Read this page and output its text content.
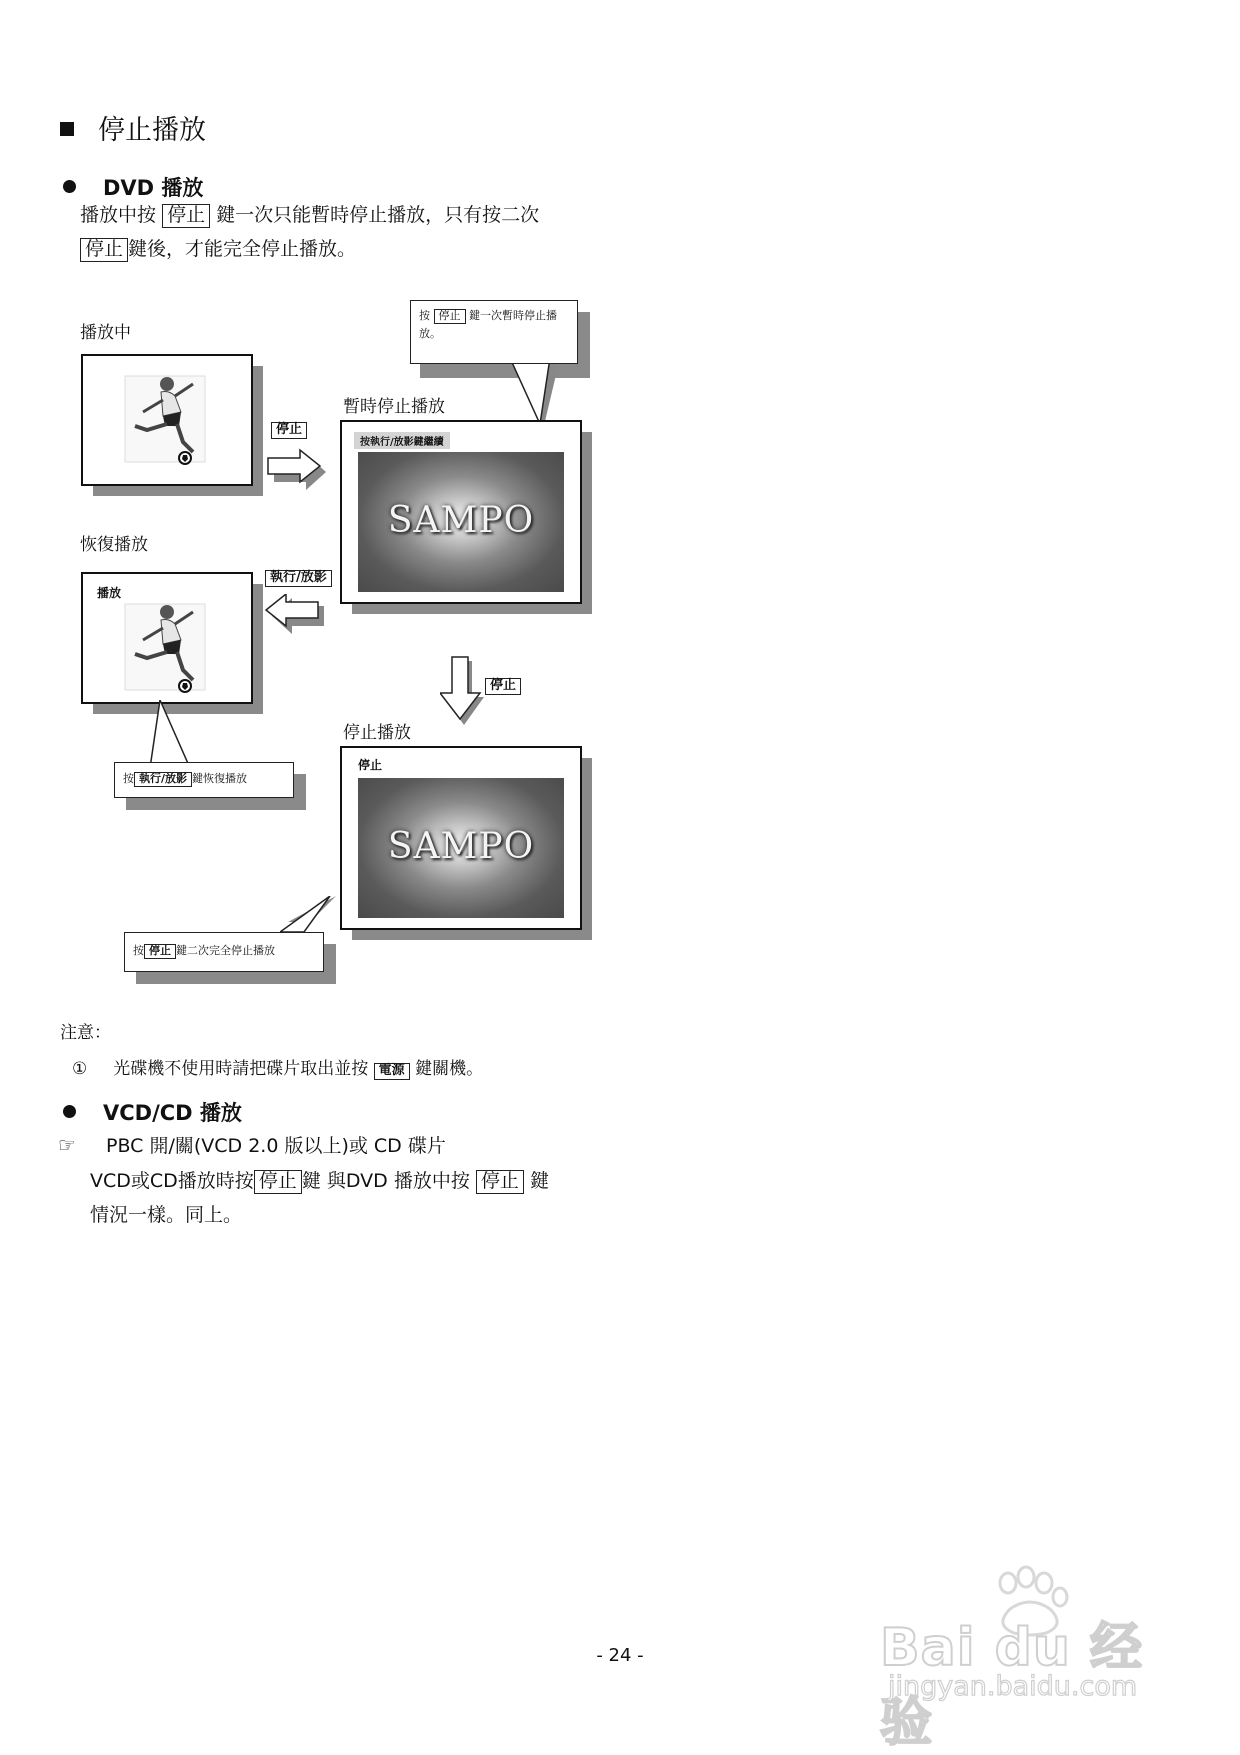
停止播放
DVD 播放
播放中按 停止 鍵一次只能暫時停止播放，只有按二次
停止 鍵後，才能完全停止播放。
播放中
停止
按 停止 鍵一次暫時停止播放。
暫時停止播放
按執行/放影鍵繼續
SAMPO
恢復播放
執行/放影
播放
按 執行/放影 鍵恢復播放
停止
停止播放
停止
SAMPO
按 停止 鍵二次完全停止播放
注意：
① 光碟機不使用時請把碟片取出並按 電源 鍵關機。
VCD/CD 播放
☞ PBC 開/關(VCD 2.0 版以上)或 CD 碟片
VCD或CD播放時按 停止 鍵 與DVD 播放中按 停止 鍵
情況一樣。同上。
- 24 -	Bai du 经验
jingyan.baidu.com
